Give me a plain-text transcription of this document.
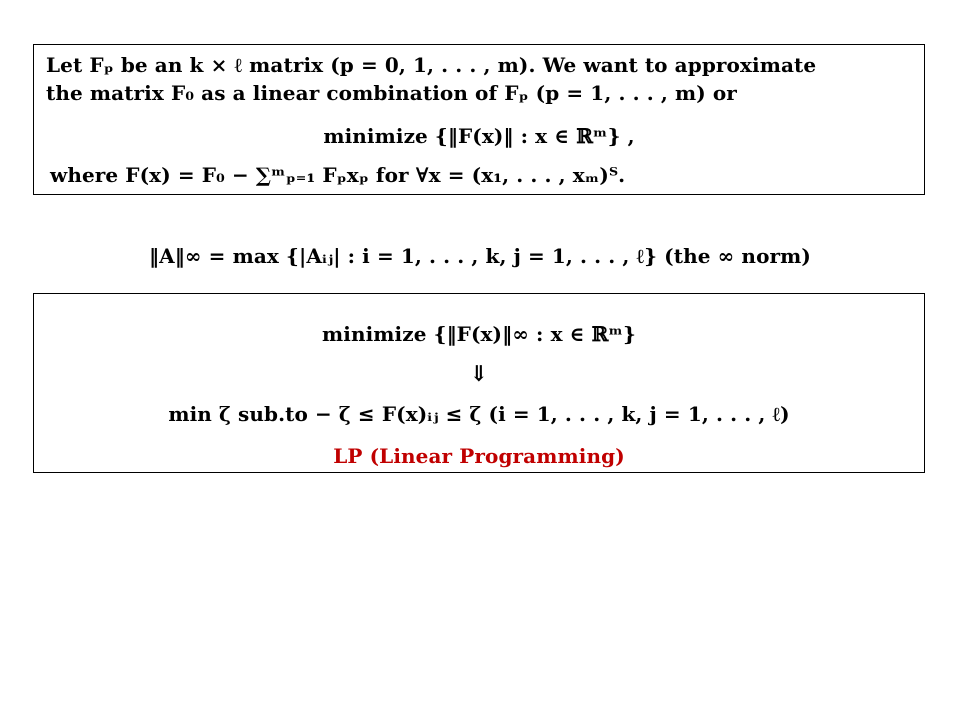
Let Fₚ be an k × ℓ matrix (p = 0, 1, . . . , m). We want to approximate
the matrix F₀ as a linear combination of Fₚ (p = 1, . . . , m) or
minimize {‖F(x)‖ : x ∈ ℝᵐ} ,
where F(x) = F₀ − ∑ᵐₚ₌₁ Fₚxₚ for ∀x = (x₁, . . . , xₘ)ᵀ.
‖A‖∞ = max {|Aᵢⱼ| : i = 1, . . . , k, j = 1, . . . , ℓ} (the ∞ norm)
minimize {‖F(x)‖∞ : x ∈ ℝᵐ}
⇓
min ζ sub.to − ζ ≤ F(x)ᵢⱼ ≤ ζ (i = 1, . . . , k, j = 1, . . . , ℓ)
LP (Linear Programming)
